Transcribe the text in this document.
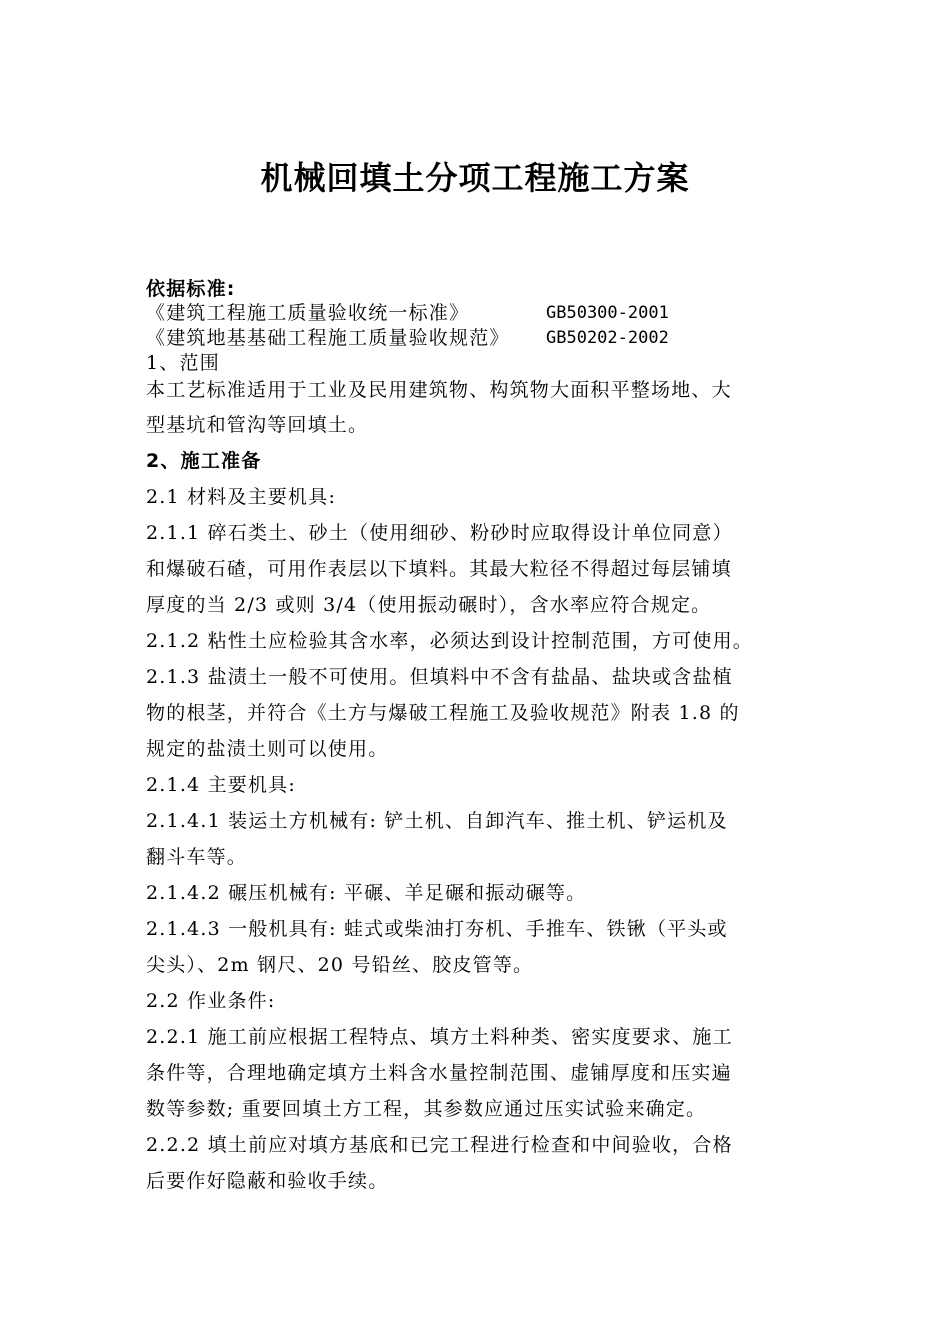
机械回填土分项工程施工方案

依据标准:

《建筑工程施工质量验收统一标准》	GB50300-2001

《建筑地基基础工程施工质量验收规范》 GB50202-2002

1、范围

本工艺标准适用于工业及民用建筑物、构筑物大面积平整场地、大

型基坑和管沟等回填土。

2、施工准备

2.1 材料及主要机具:

2.1.1 碎石类土、砂土（使用细砂、粉砂时应取得设计单位同意）

和爆破石碴，可用作表层以下填料。其最大粒径不得超过每层铺填

厚度的当 2/3 或则 3/4（使用振动碾时），含水率应符合规定。

2.1.2 粘性土应检验其含水率，必须达到设计控制范围，方可使用。

2.1.3 盐渍土一般不可使用。但填料中不含有盐晶、盐块或含盐植

物的根茎，并符合《土方与爆破工程施工及验收规范》附表 1.8 的

规定的盐渍土则可以使用。

2.1.4 主要机具:

2.1.4.1 装运土方机械有: 铲土机、自卸汽车、推土机、铲运机及

翻斗车等。

2.1.4.2 碾压机械有: 平碾、羊足碾和振动碾等。

2.1.4.3 一般机具有: 蛙式或柴油打夯机、手推车、铁锹（平头或

尖头）、2m 钢尺、20 号铅丝、胶皮管等。

2.2 作业条件:

2.2.1 施工前应根据工程特点、填方土料种类、密实度要求、施工

条件等，合理地确定填方土料含水量控制范围、虚铺厚度和压实遍

数等参数; 重要回填土方工程，其参数应通过压实试验来确定。

2.2.2 填土前应对填方基底和已完工程进行检查和中间验收，合格

后要作好隐蔽和验收手续。
